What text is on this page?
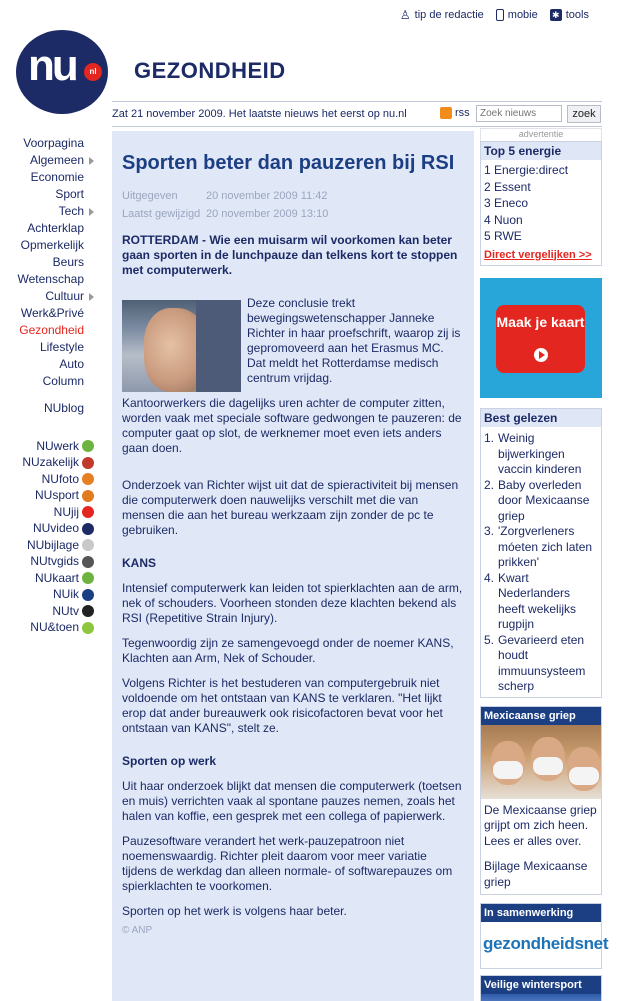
♙ tip de redactie mobie ✱ tools
nu	nl GEZONDHEID
Zat 21 november 2009. Het laatste nieuws het eerst op nu.nl	rss
Zoek nieuws	zoek
Voorpagina
Algemeen
Economie
Sport
Tech
Achterklap
Opmerkelijk
Beurs
Wetenschap
Cultuur
Werk&Privé
Gezondheid
Lifestyle
Auto
Column
NUblog
NUwerk
NUzakelijk
NUfoto
NUsport
NUjij
NUvideo
NUbijlage
NUtvgids
NUkaart
NUik
NUtv
NU&toen
Sporten beter dan pauzeren bij RSI
Uitgegeven	20 november 2009 11:42
Laatst gewijzigd 20 november 2009 13:10
ROTTERDAM - Wie een muisarm wil voorkomen kan beter gaan sporten in de lunchpauze dan telkens kort te stoppen met computerwerk.
Deze conclusie trekt bewegingswetenschapper Janneke Richter in haar proefschrift, waarop zij is gepromoveerd aan het Erasmus MC. Dat meldt het Rotterdamse medisch centrum vrijdag.
Kantoorwerkers die dagelijks uren achter de computer zitten, worden vaak met speciale software gedwongen te pauzeren: de computer gaat op slot, de werknemer moet even iets anders gaan doen.
Onderzoek van Richter wijst uit dat de spieractiviteit bij mensen die computerwerk doen nauwelijks verschilt met die van mensen die aan het bureau werkzaam zijn zonder de pc te gebruiken.
KANS
Intensief computerwerk kan leiden tot spierklachten aan de arm, nek of schouders. Voorheen stonden deze klachten bekend als RSI (Repetitive Strain Injury).
Tegenwoordig zijn ze samengevoegd onder de noemer KANS, Klachten aan Arm, Nek of Schouder.
Volgens Richter is het bestuderen van computergebruik niet voldoende om het ontstaan van KANS te verklaren. "Het lijkt erop dat ander bureauwerk ook risicofactoren bevat voor het ontstaan van KANS", stelt ze.
Sporten op werk
Uit haar onderzoek blijkt dat mensen die computerwerk (toetsen en muis) verrichten vaak al spontane pauzes nemen, zoals het halen van koffie, een gesprek met een collega of papierwerk.
Pauzesoftware verandert het werk-pauzepatroon niet noemenswaardig. Richter pleit daarom voor meer variatie tijdens de werkdag dan alleen normale- of softwarepauzes om spierklachten te voorkomen.
Sporten op het werk is volgens haar beter.
© ANP
advertentie
Top 5 energie
1 Energie:direct
2 Essent
3 Eneco
4 Nuon
5 RWE
Direct vergelijken >>
Maak je kaart
Best gelezen
1. Weinig bijwerkingen vaccin kinderen
2. Baby overleden door Mexicaanse griep
3. 'Zorgverleners móeten zich laten prikken'
4. Kwart Nederlanders heeft wekelijks rugpijn
5. Gevarieerd eten houdt immuunsysteem scherp
Mexicaanse griep
De Mexicaanse griep grijpt om zich heen. Lees er alles over.
Bijlage Mexicaanse griep
In samenwerking
gezondheidsnet
Veilige wintersport
